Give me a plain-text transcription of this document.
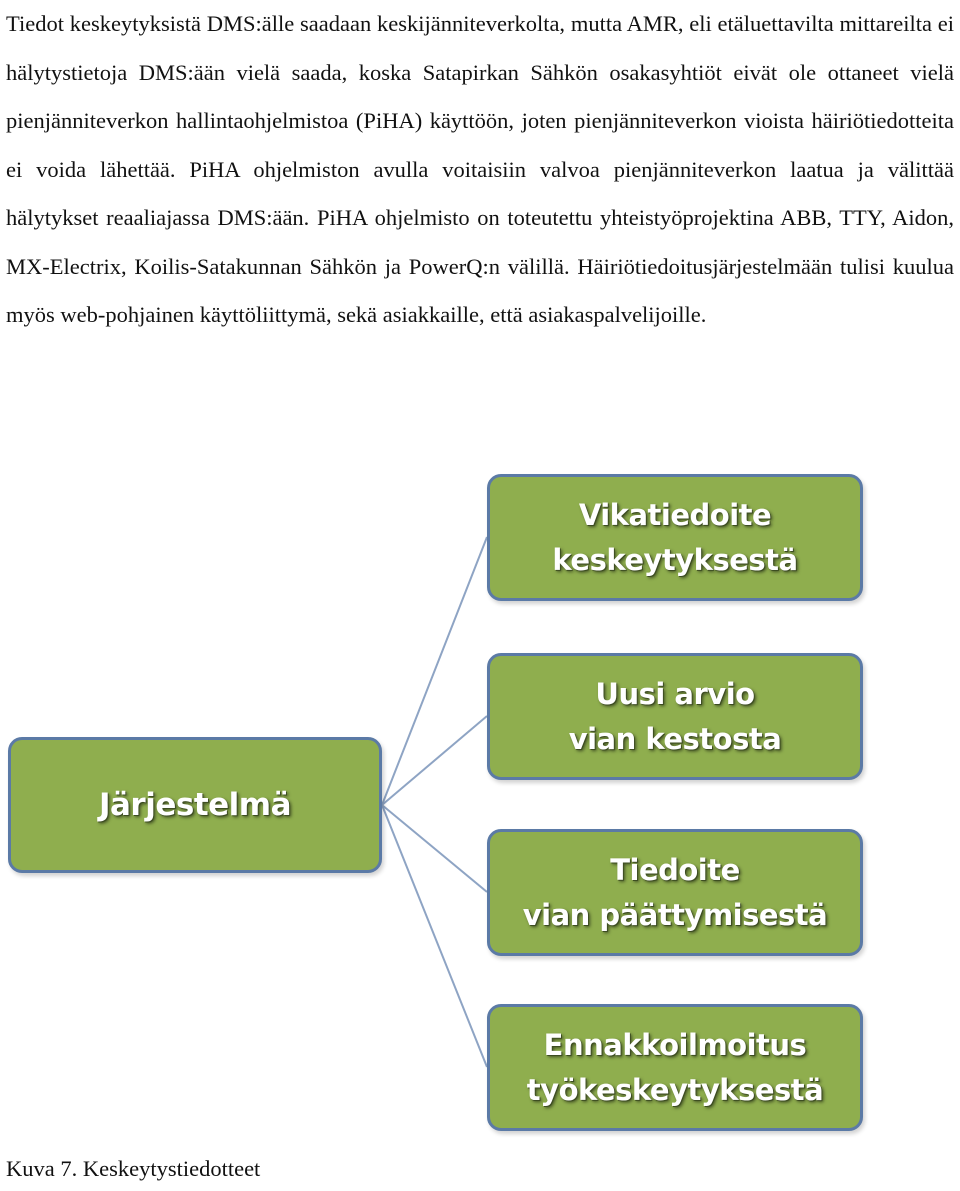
Tiedot keskeytyksistä DMS:älle saadaan keskijänniteverkolta, mutta AMR, eli etäluettavilta mittareilta ei hälytystietoja DMS:ään vielä saada, koska Satapirkan Sähkön osakasyhtiöt eivät ole ottaneet vielä pienjänniteverkon hallintaohjelmistoa (PiHA) käyttöön, joten pienjänniteverkon vioista häiriötiedotteita ei voida lähettää. PiHA ohjelmiston avulla voitaisiin valvoa pienjänniteverkon laatua ja välittää hälytykset reaaliajassa DMS:ään. PiHA ohjelmisto on toteutettu yhteistyöprojektina ABB, TTY, Aidon, MX-Electrix, Koilis-Satakunnan Sähkön ja PowerQ:n välillä. Häiriötiedoitusjärjestelmään tulisi kuulua myös web-pohjainen käyttöliittymä, sekä asiakkaille, että asiakaspalvelijoille.

Järjestelmä
Vikatiedoite
keskeytyksestä
Uusi arvio
vian kestosta
Tiedoite
vian päättymisestä
Ennakkoilmoitus
työkeskeytyksestä

Kuva 7. Keskeytystiedotteet
